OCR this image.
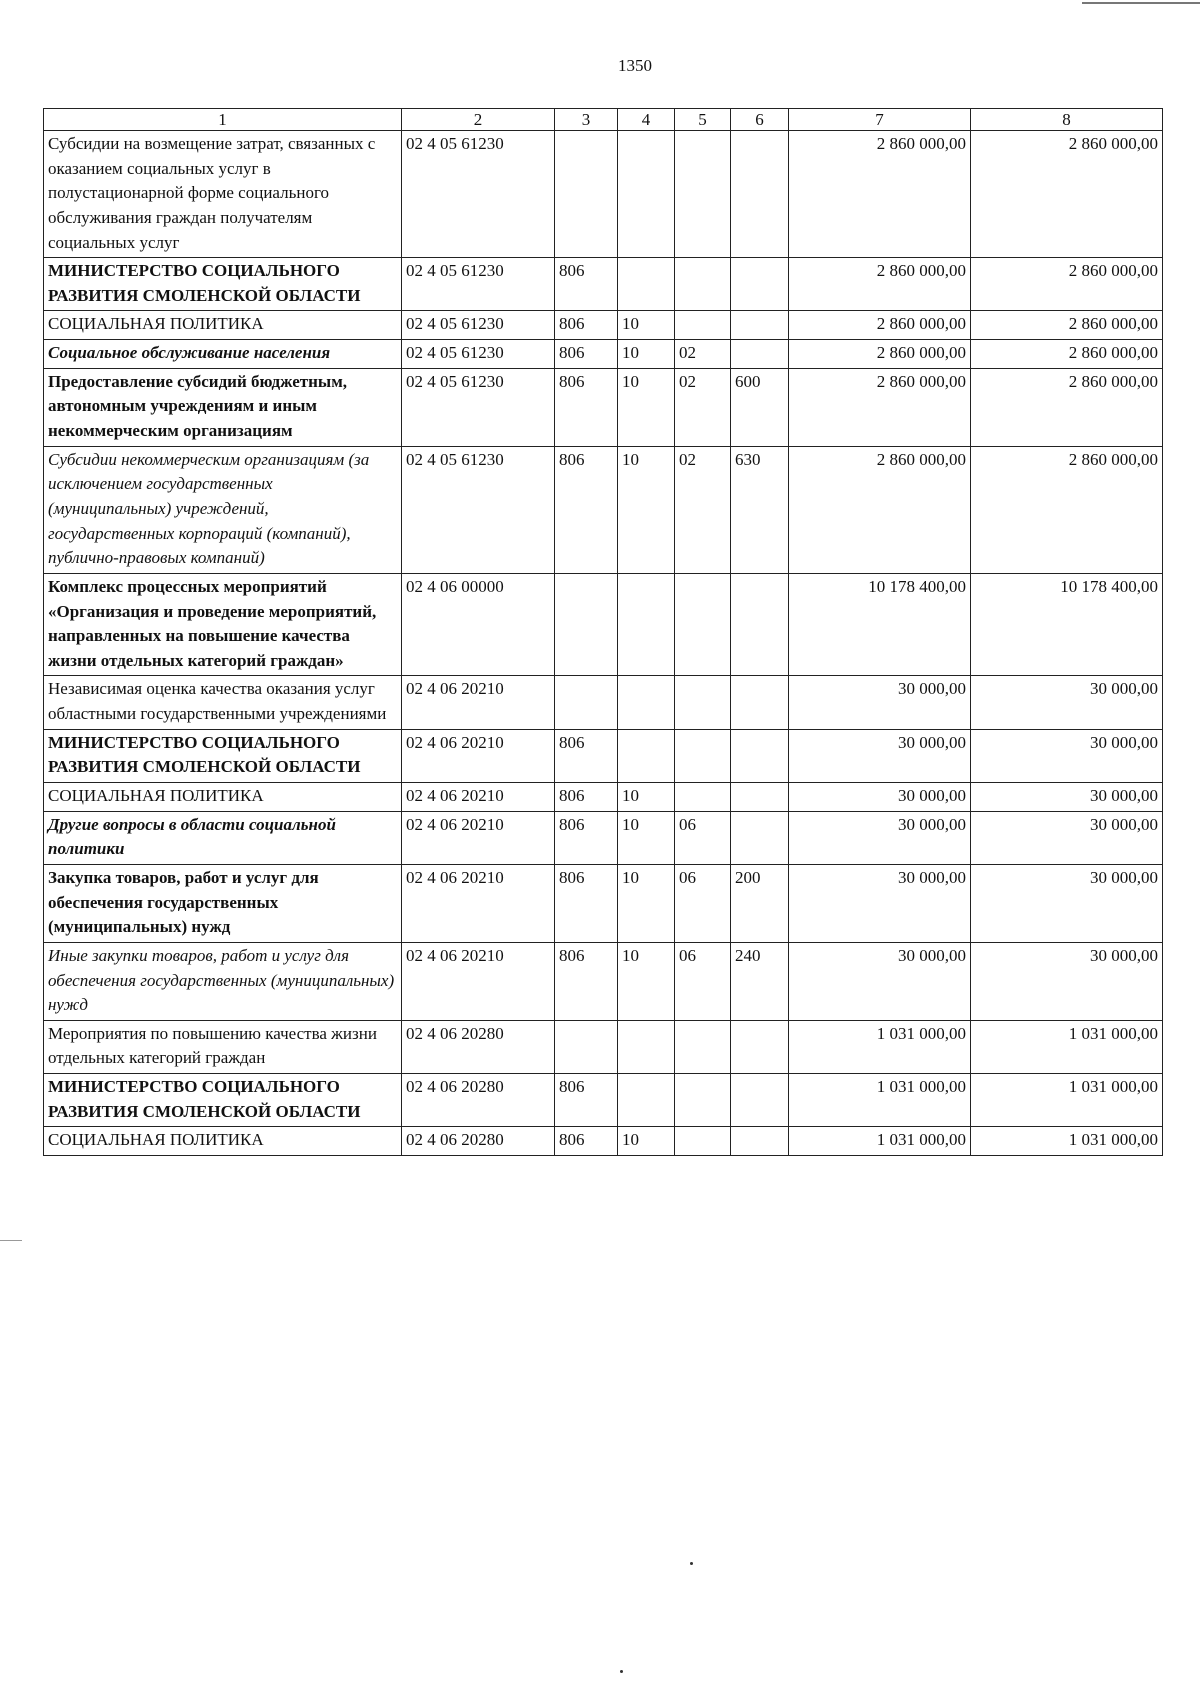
1350
1	2	3	4	5	6	7	8
Субсидии на возмещение затрат, связанных с оказанием социальных услуг в полустационарной форме социального обслуживания граждан получателям социальных услуг	02 4 05 61230					2 860 000,00	2 860 000,00
МИНИСТЕРСТВО СОЦИАЛЬНОГО РАЗВИТИЯ СМОЛЕНСКОЙ ОБЛАСТИ	02 4 05 61230	806				2 860 000,00	2 860 000,00
СОЦИАЛЬНАЯ ПОЛИТИКА	02 4 05 61230	806	10			2 860 000,00	2 860 000,00
Социальное обслуживание населения	02 4 05 61230	806	10	02		2 860 000,00	2 860 000,00
Предоставление субсидий бюджетным, автономным учреждениям и иным некоммерческим организациям	02 4 05 61230	806	10	02	600	2 860 000,00	2 860 000,00
Субсидии некоммерческим организациям (за исключением государственных (муниципальных) учреждений, государственных корпораций (компаний), публично-правовых компаний)	02 4 05 61230	806	10	02	630	2 860 000,00	2 860 000,00
Комплекс процессных мероприятий «Организация и проведение мероприятий, направленных на повышение качества жизни отдельных категорий граждан»	02 4 06 00000					10 178 400,00	10 178 400,00
Независимая оценка качества оказания услуг областными государственными учреждениями	02 4 06 20210					30 000,00	30 000,00
МИНИСТЕРСТВО СОЦИАЛЬНОГО РАЗВИТИЯ СМОЛЕНСКОЙ ОБЛАСТИ	02 4 06 20210	806				30 000,00	30 000,00
СОЦИАЛЬНАЯ ПОЛИТИКА	02 4 06 20210	806	10			30 000,00	30 000,00
Другие вопросы в области социальной политики	02 4 06 20210	806	10	06		30 000,00	30 000,00
Закупка товаров, работ и услуг для обеспечения государственных (муниципальных) нужд	02 4 06 20210	806	10	06	200	30 000,00	30 000,00
Иные закупки товаров, работ и услуг для обеспечения государственных (муниципальных) нужд	02 4 06 20210	806	10	06	240	30 000,00	30 000,00
Мероприятия по повышению качества жизни отдельных категорий граждан	02 4 06 20280					1 031 000,00	1 031 000,00
МИНИСТЕРСТВО СОЦИАЛЬНОГО РАЗВИТИЯ СМОЛЕНСКОЙ ОБЛАСТИ	02 4 06 20280	806				1 031 000,00	1 031 000,00
СОЦИАЛЬНАЯ ПОЛИТИКА	02 4 06 20280	806	10			1 031 000,00	1 031 000,00
